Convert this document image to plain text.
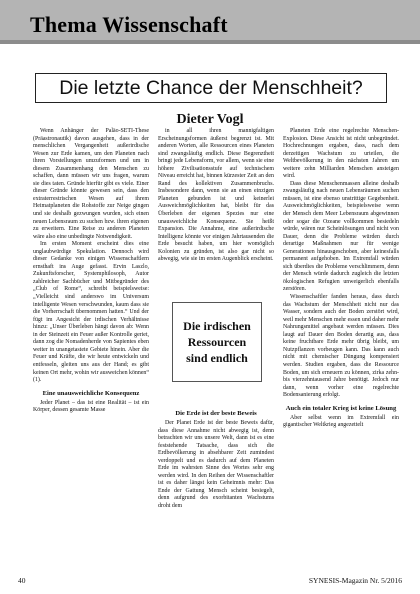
Thema Wissenschaft
Die letzte Chance der Menschheit?
Dieter Vogl

Wenn Anhänger der Paläo-SETI-These (Präastronautik) davon ausgehen, dass in der menschlichen Vergangenheit außerirdische Wesen zur Erde kamen, um den Planeten nach ihren Vorstellungen umzuformen und um in diesem Zusammenhang den Menschen zu schaffen, dann müssen wir uns fragen, warum sie dies taten. Gründe hierfür gibt es viele. Einer dieser Gründe könnte gewesen sein, dass den extraterrestrischen Wesen auf ihrem Heimatplaneten die Rohstoffe zur Neige gingen und sie deshalb gezwungen wurden, sich einen neuen Lebensraum zu suchen bzw. ihren eigenen zu erweitern. Eine Reise zu anderen Planeten wäre also eine unbedingte Notwendigkeit.

Im ersten Moment erscheint dies eine unglaubwürdige Spekulation. Dennoch wird dieser Gedanke von einigen Wissenschaftlern ernsthaft ins Auge gefasst. Ervin Laszlo, Zukunftsforscher, Systemphilosoph, Autor zahlreicher Sachbücher und Mitbegründer des „Club of Rome“, schreibt beispielsweise: „Vielleicht sind anderswo im Universum intelligente Wesen verschwunden, kaum dass sie die Vorherrschaft übernommen hatten.“ Und der fügt im Angesicht der irdischen Verhältnisse hinzu: „Unser Überleben hängt davon ab: Wenn in der Steinzeit ein Feuer außer Kontrolle geriet, dann zog die Nomadenherde von Sapientes eben weiter in unangetastete Gebiete hinein. Aber die Feuer und Kräfte, die wir heute entwickeln und entfesseln, gleiten uns aus der Hand; es gibt keinen Ort mehr, wohin wir ausweichen können“ (1).

Eine unausweichliche Konsequenz

Jeder Planet – das ist eine Realität – ist ein Körper, dessen gesamte Masse

in all ihren mannigfaltigen Erscheinungsformen äußerst begrenzt ist. Mit anderen Worten, alle Ressourcen eines Planeten sind zwangsläufig endlich. Diese Begrenztheit bringt jede Lebensform, vor allem, wenn sie eine höhere Zivilisationsstufe auf technischem Niveau erreicht hat, binnen kürzester Zeit an den Rand des kollektiven Zusammenbruchs. Insbesondere dann, wenn sie an einen einzigen Planeten gebunden ist und keinerlei Ausweichmöglichkeiten hat, bleibt für das Überleben der eigenen Spezies nur eine unausweichliche Konsequenz. Sie heißt Expansion. Die Annahme, eine außerirdische Intelligenz könnte vor einigen Jahrtausenden die Erde besucht haben, um hier womöglich Kolonien zu gründen, ist also gar nicht so abwegig, wie sie im ersten Augenblick erscheint.

Die irdischen
Ressourcen
sind endlich

Die Erde ist der beste Beweis

Der Planet Erde ist der beste Beweis dafür, dass diese Annahme nicht abwegig ist, denn betrachten wir uns unsere Welt, dann ist es eine feststehende Tatsache, dass sich die Erdbevölkerung in absehbarer Zeit zumindest verdoppelt und es dadurch auf dem Planeten Erde im wahrsten Sinne des Wortes sehr eng werden wird. In den Reihen der Wissenschaftler ist es daher längst kein Geheimnis mehr: Das Ende der Gattung Mensch scheint besiegelt, denn aufgrund des exorbitanten Wachstums droht dem

Planeten Erde eine regelrechte Menschen-Explosion. Diese Ansicht ist nicht unbegründet. Hochrechnungen ergaben, dass, nach dem derzeitigen Wachstum zu urteilen, die Weltbevölkerung in den nächsten Jahren um weitere zehn Milliarden Menschen ansteigen wird.

Dass diese Menschenmassen alleine deshalb zwangsläufig nach neuen Lebensräumen suchen müssen, ist eine ebenso unstrittige Gegebenheit. Ausweichmöglichkeiten, beispielsweise wenn der Mensch dem Meer Lebensraum abgewinnen oder sogar die Ozeane vollkommen besiedeln würde, wären nur Scheinlösungen und nicht von Dauer, denn die Probleme würden durch derartige Maßnahmen nur für wenige Generationen hinausgeschoben, aber keinesfalls permanent aufgehoben. Im Extremfall würden sich überdies die Probleme verschlimmern, denn der Mensch würde dadurch zugleich die letzten ökologischen Refugien unweigerlich ebenfalls zerstören.

Wissenschaftler fanden heraus, dass durch das Wachstum der Menschheit nicht nur das Wasser, sondern auch der Boden zerstört wird, weil mehr Menschen mehr essen und daher mehr Nahrungsmittel angebaut werden müssen. Dies laugt auf Dauer den Boden derartig aus, dass keine fruchtbare Erde mehr übrig bleibt, um Nutzpflanzen vorbeugen kann. Das kann auch nicht mit chemischer Düngung kompensiert werden. Studien ergaben, dass die Ressource Boden, um sich erneuern zu können, zirka zehn- bis vierzehntausend Jahre benötigt. Jedoch nur dann, wenn vorher eine regelrechte Bodensanierung erfolgt.

Auch ein totaler Krieg ist keine Lösung

Aber selbst wenn im Extremfall ein gigantischer Weltkrieg angezettelt

40	SYNESIS-Magazin Nr. 5/2016
